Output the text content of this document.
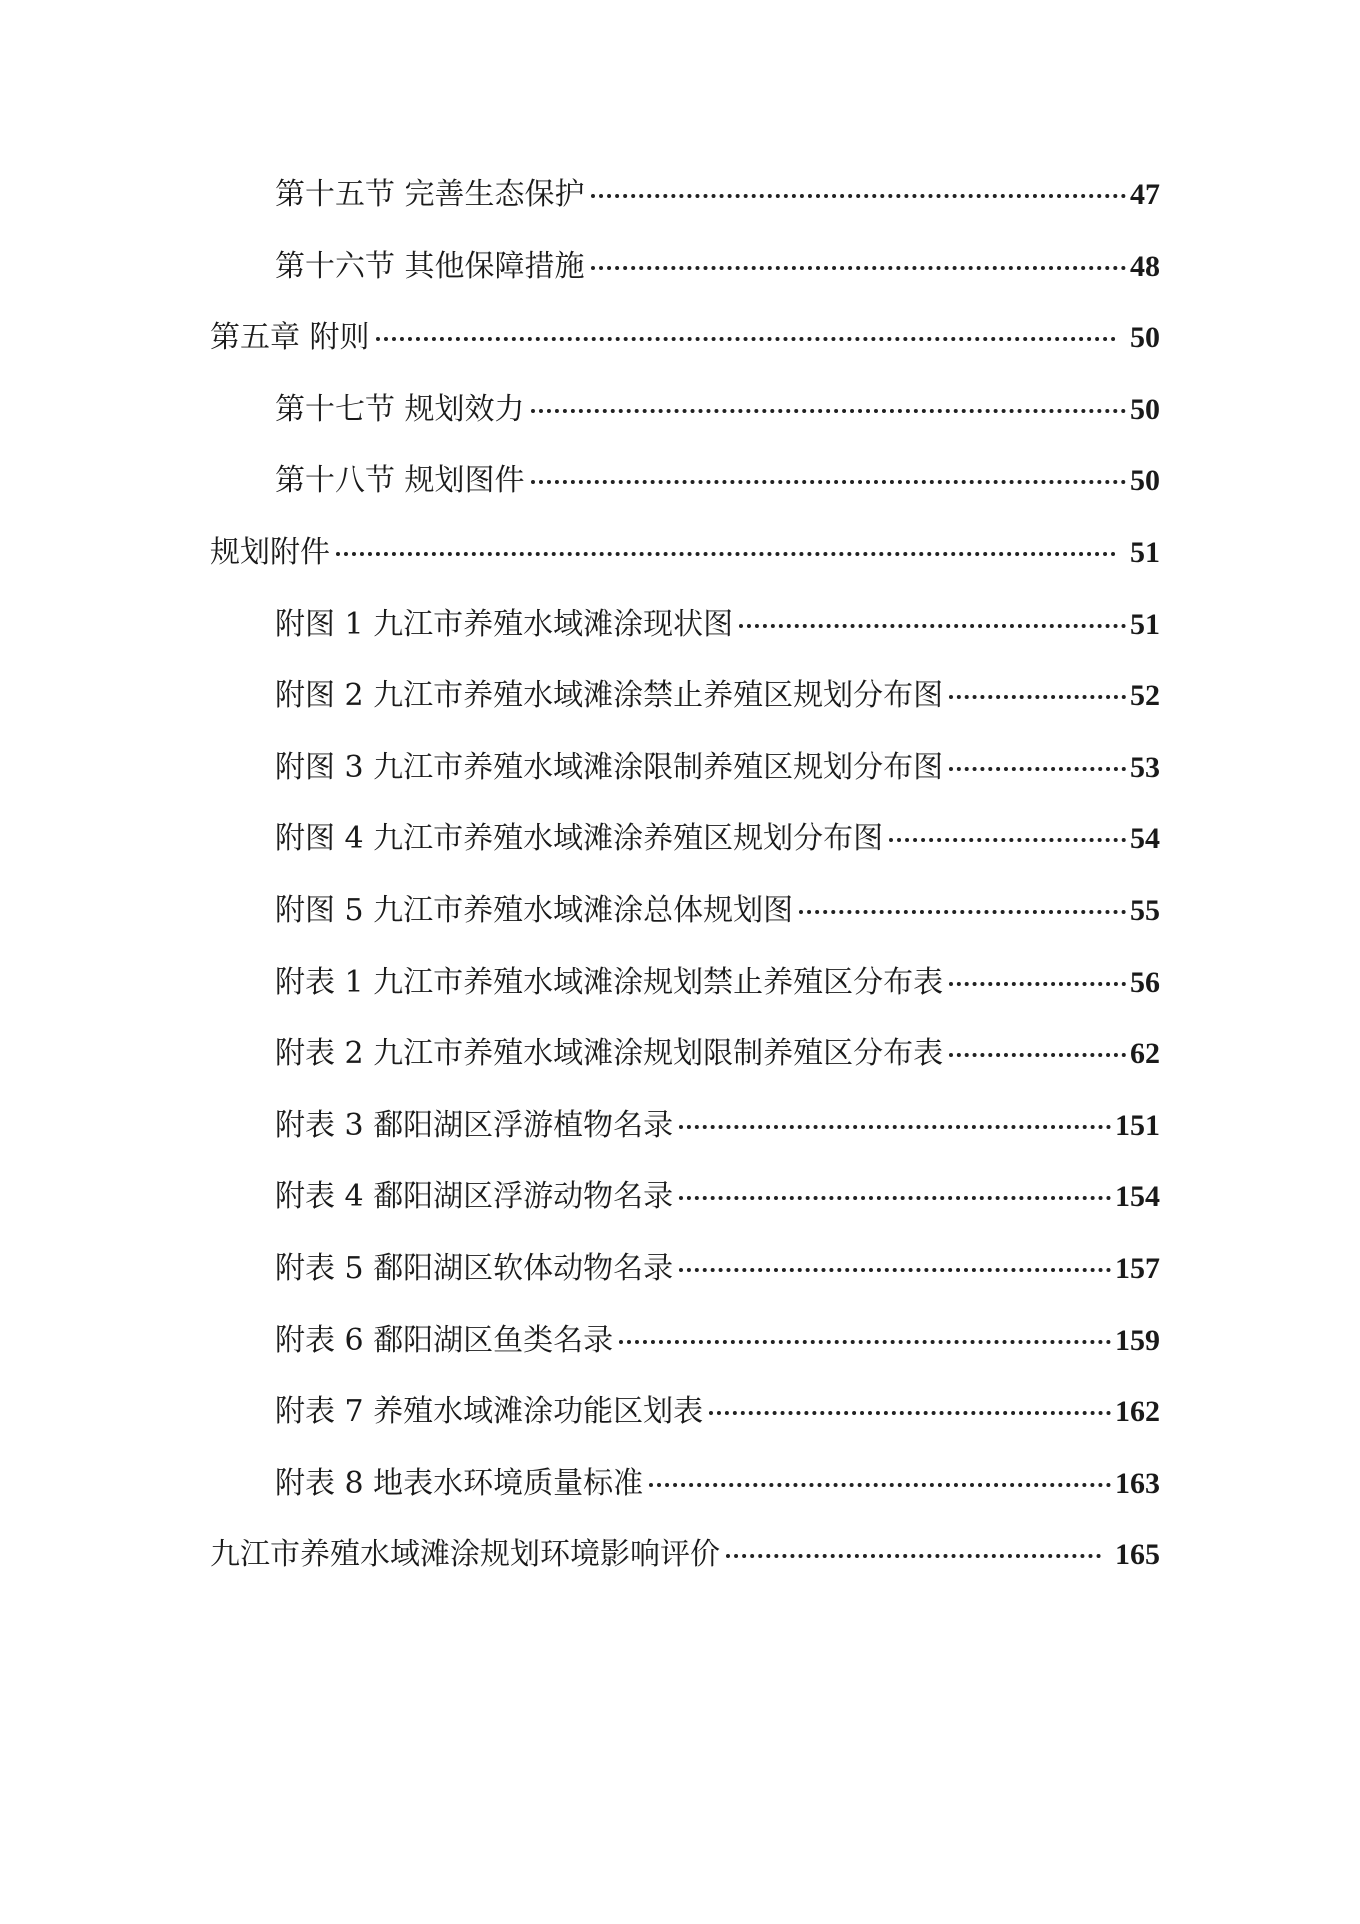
第十五节 完善生态保护	47
第十六节 其他保障措施	48
第五章 附则	50
第十七节 规划效力	50
第十八节 规划图件	50
规划附件	51
附图 1 九江市养殖水域滩涂现状图	51
附图 2 九江市养殖水域滩涂禁止养殖区规划分布图	52
附图 3 九江市养殖水域滩涂限制养殖区规划分布图	53
附图 4 九江市养殖水域滩涂养殖区规划分布图	54
附图 5 九江市养殖水域滩涂总体规划图	55
附表 1 九江市养殖水域滩涂规划禁止养殖区分布表	56
附表 2 九江市养殖水域滩涂规划限制养殖区分布表	62
附表 3 鄱阳湖区浮游植物名录	151
附表 4 鄱阳湖区浮游动物名录	154
附表 5 鄱阳湖区软体动物名录	157
附表 6 鄱阳湖区鱼类名录	159
附表 7 养殖水域滩涂功能区划表	162
附表 8 地表水环境质量标准	163
九江市养殖水域滩涂规划环境影响评价	165
